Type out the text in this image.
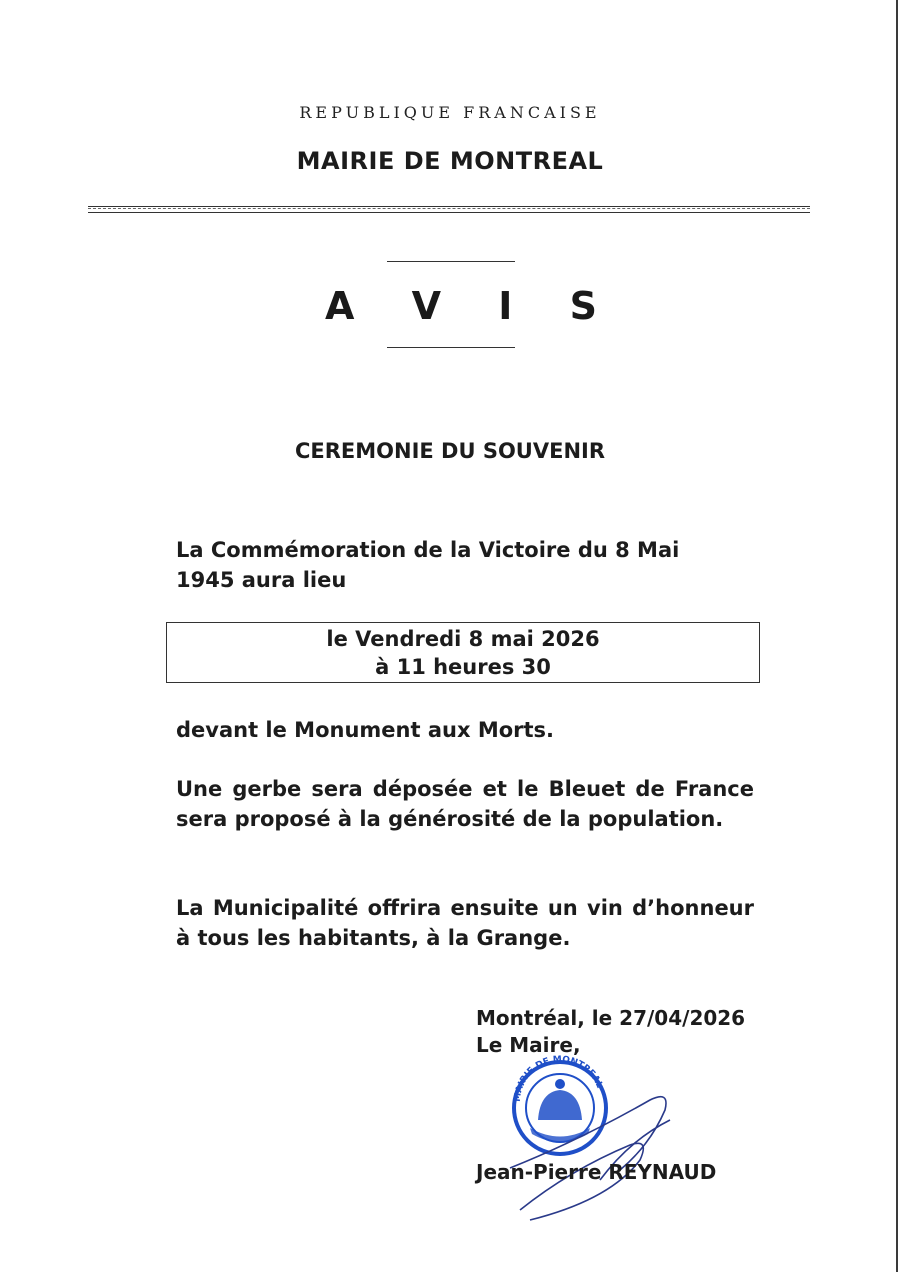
REPUBLIQUE FRANCAISE
MAIRIE DE MONTREAL
A V I S
CEREMONIE DU SOUVENIR
La Commémoration de la Victoire du 8 Mai
1945 aura lieu
le Vendredi 8 mai 2026
à 11 heures 30
devant le Monument aux Morts.
Une gerbe sera déposée et le Bleuet de France sera proposé à la générosité de la population.
La Municipalité offrira ensuite un vin d’honneur à tous les habitants, à la Grange.
Montréal, le 27/04/2026
Le Maire,
MAIRIE DE MONTREAL
Jean-Pierre REYNAUD
